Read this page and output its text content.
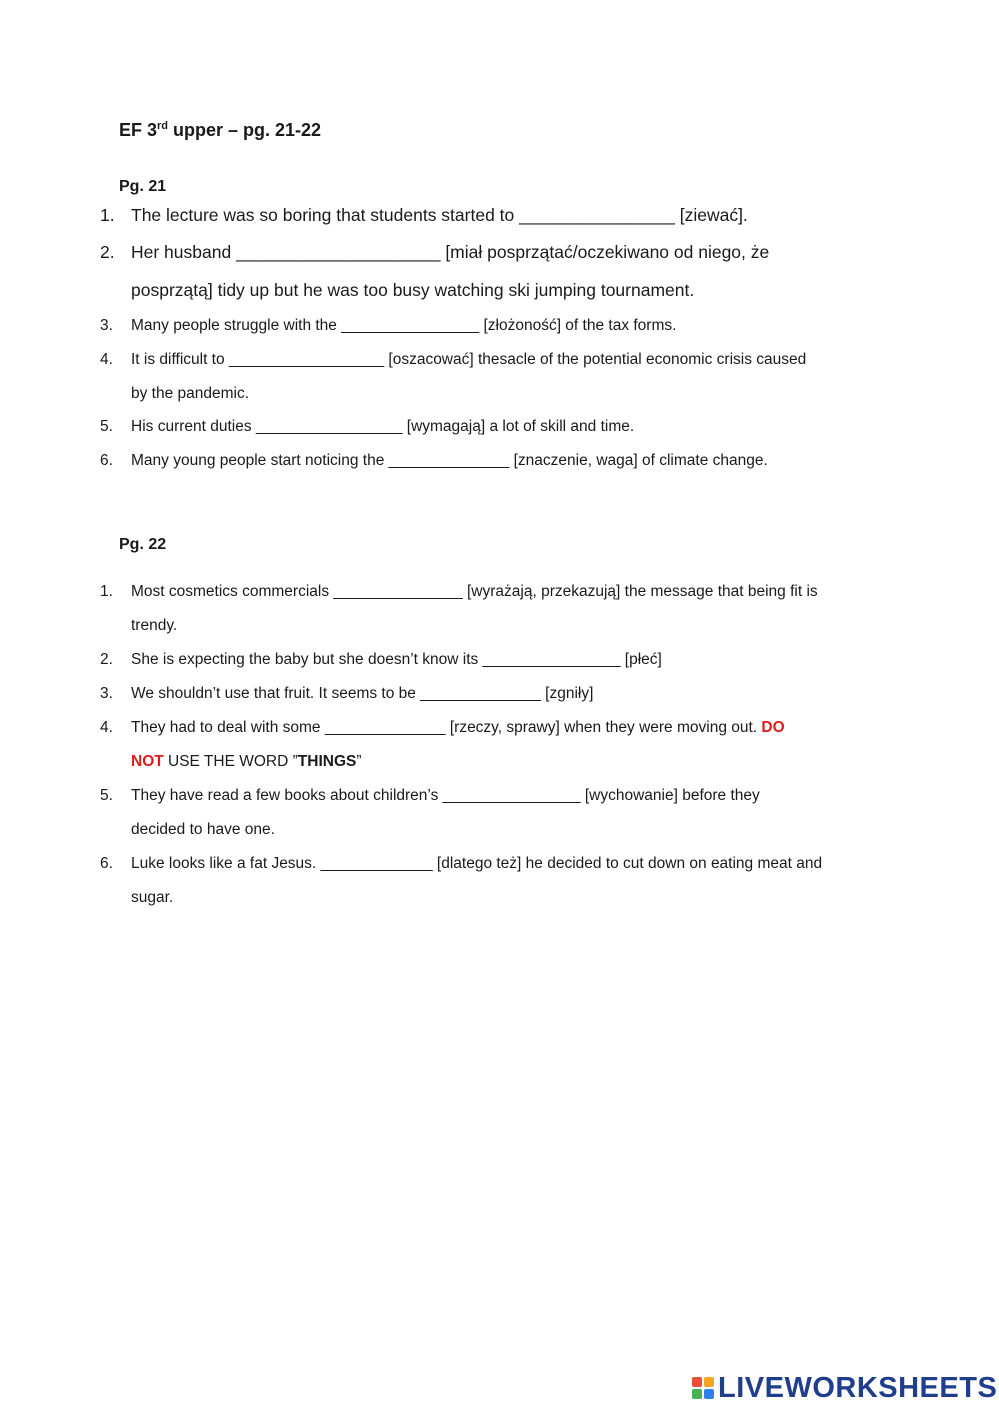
EF 3rd upper – pg. 21-22
Pg. 21
1. The lecture was so boring that students started to ________________ [ziewać].
2. Her husband _____________________ [miał posprzątać/oczekiwano od niego, że
posprzątą] tidy up but he was too busy watching ski jumping tournament.
3. Many people struggle with the ________________ [złożoność] of the tax forms.
4. It is difficult to __________________ [oszacować] thesacle of the potential economic crisis caused
by the pandemic.
5. His current duties _________________ [wymagają] a lot of skill and time.
6. Many young people start noticing the ______________ [znaczenie, waga] of climate change.
Pg. 22
1. Most cosmetics commercials _______________ [wyrażają, przekazują] the message that being fit is
trendy.
2. She is expecting the baby but she doesn’t know its ________________ [płeć]
3. We shouldn’t use that fruit. It seems to be ______________ [zgniły]
4. They had to deal with some ______________ [rzeczy, sprawy] when they were moving out. DO
NOT USE THE WORD ”THINGS”
5. They have read a few books about children’s ________________ [wychowanie] before they
decided to have one.
6. Luke looks like a fat Jesus. _____________ [dlatego też] he decided to cut down on eating meat and
sugar.
LIVEWORKSHEETS
